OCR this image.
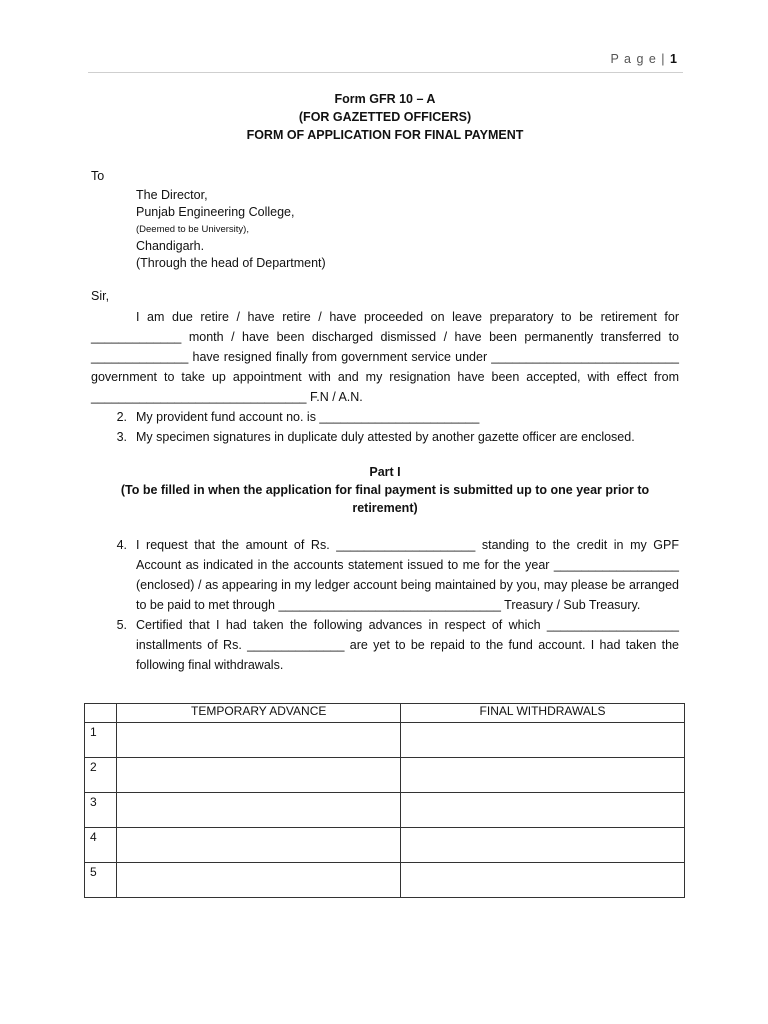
P a g e | 1
Form GFR 10 – A
(FOR GAZETTED OFFICERS)
FORM OF APPLICATION FOR FINAL PAYMENT
To
The Director,
Punjab Engineering College,
(Deemed to be University),
Chandigarh.
(Through the head of Department)
Sir,

I am due retire / have retire / have proceeded on leave preparatory to be retirement for _____________ month / have been discharged dismissed / have been permanently transferred to ______________ have resigned finally from government service under ___________________________ government to take up appointment with and my resignation have been accepted, with effect from _______________________________ F.N / A.N.

2. My provident fund account no. is _______________________
3. My specimen signatures in duplicate duly attested by another gazette officer are enclosed.
Part I
(To be filled in when the application for final payment is submitted up to one year prior to retirement)
4. I request that the amount of Rs. ____________________ standing to the credit in my GPF Account as indicated in the accounts statement issued to me for the year __________________ (enclosed) / as appearing in my ledger account being maintained by you, may please be arranged to be paid to met through ________________________________ Treasury / Sub Treasury.
5. Certified that I had taken the following advances in respect of which ___________________ installments of Rs. ______________ are yet to be repaid to the fund account. I had taken the following final withdrawals.
	TEMPORARY ADVANCE	FINAL WITHDRAWALS
1		
2		
3		
4		
5		
